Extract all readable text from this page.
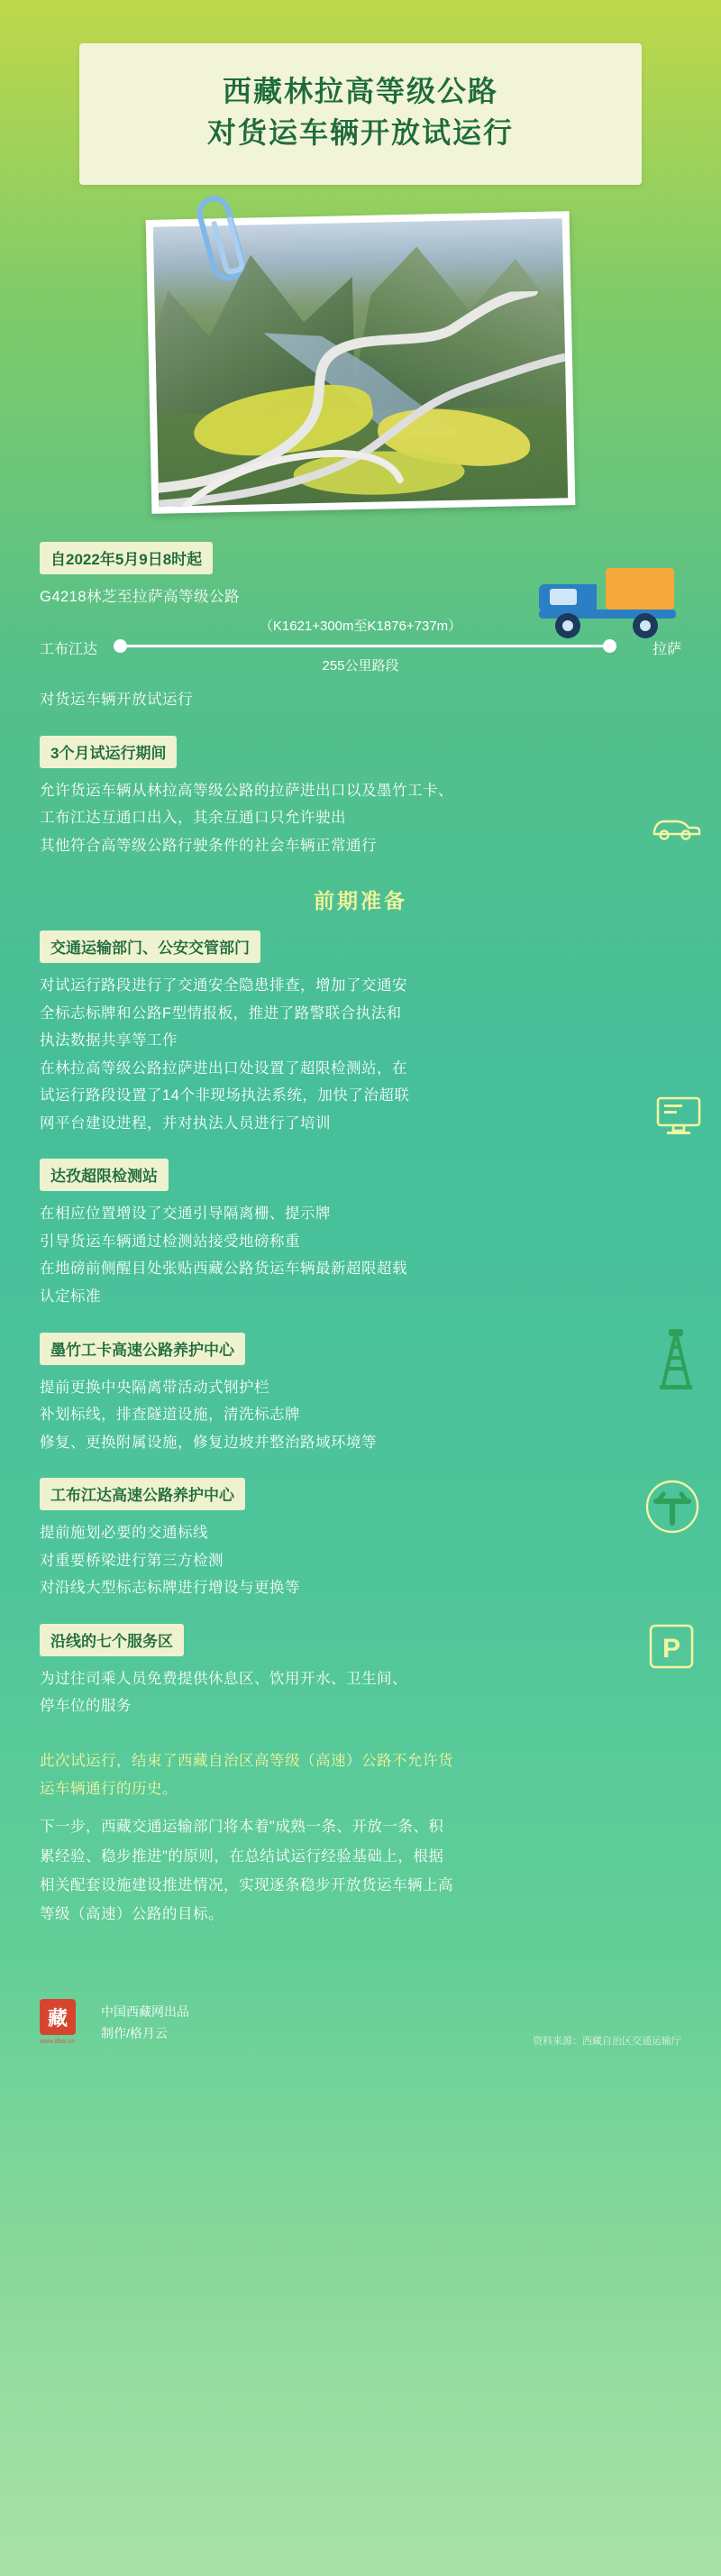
西藏林拉高等级公路
对货运车辆开放试运行
自2022年5月9日8时起
G4218林芝至拉萨高等级公路
（K1621+300m至K1876+737m）
工布江达	拉萨
255公里路段
对货运车辆开放试运行
3个月试运行期间
允许货运车辆从林拉高等级公路的拉萨进出口以及墨竹工卡、
工布江达互通口出入，其余互通口只允许驶出
其他符合高等级公路行驶条件的社会车辆正常通行
前期准备
交通运输部门、公安交管部门
对试运行路段进行了交通安全隐患排查，增加了交通安
全标志标牌和公路F型情报板，推进了路警联合执法和
执法数据共享等工作
在林拉高等级公路拉萨进出口处设置了超限检测站，在
试运行路段设置了14个非现场执法系统，加快了治超联
网平台建设进程，并对执法人员进行了培训
达孜超限检测站
在相应位置增设了交通引导隔离栅、提示牌
引导货运车辆通过检测站接受地磅称重
在地磅前侧醒目处张贴西藏公路货运车辆最新超限超载
认定标准
墨竹工卡高速公路养护中心
提前更换中央隔离带活动式钢护栏
补划标线，排查隧道设施，清洗标志牌
修复、更换附属设施，修复边坡并整治路域环境等
工布江达高速公路养护中心
提前施划必要的交通标线
对重要桥梁进行第三方检测
对沿线大型标志标牌进行增设与更换等
沿线的七个服务区
为过往司乘人员免费提供休息区、饮用开水、卫生间、
停车位的服务
P
此次试运行，结束了西藏自治区高等级（高速）公路不允许货
运车辆通行的历史。
下一步，西藏交通运输部门将本着"成熟一条、开放一条、积
累经验、稳步推进"的原则，在总结试运行经验基础上，根据
相关配套设施建设推进情况，实现逐条稳步开放货运车辆上高
等级（高速）公路的目标。
藏
www.tibet.cn
中国西藏网出品
制作/格月云
资料来源：西藏自治区交通运输厅
